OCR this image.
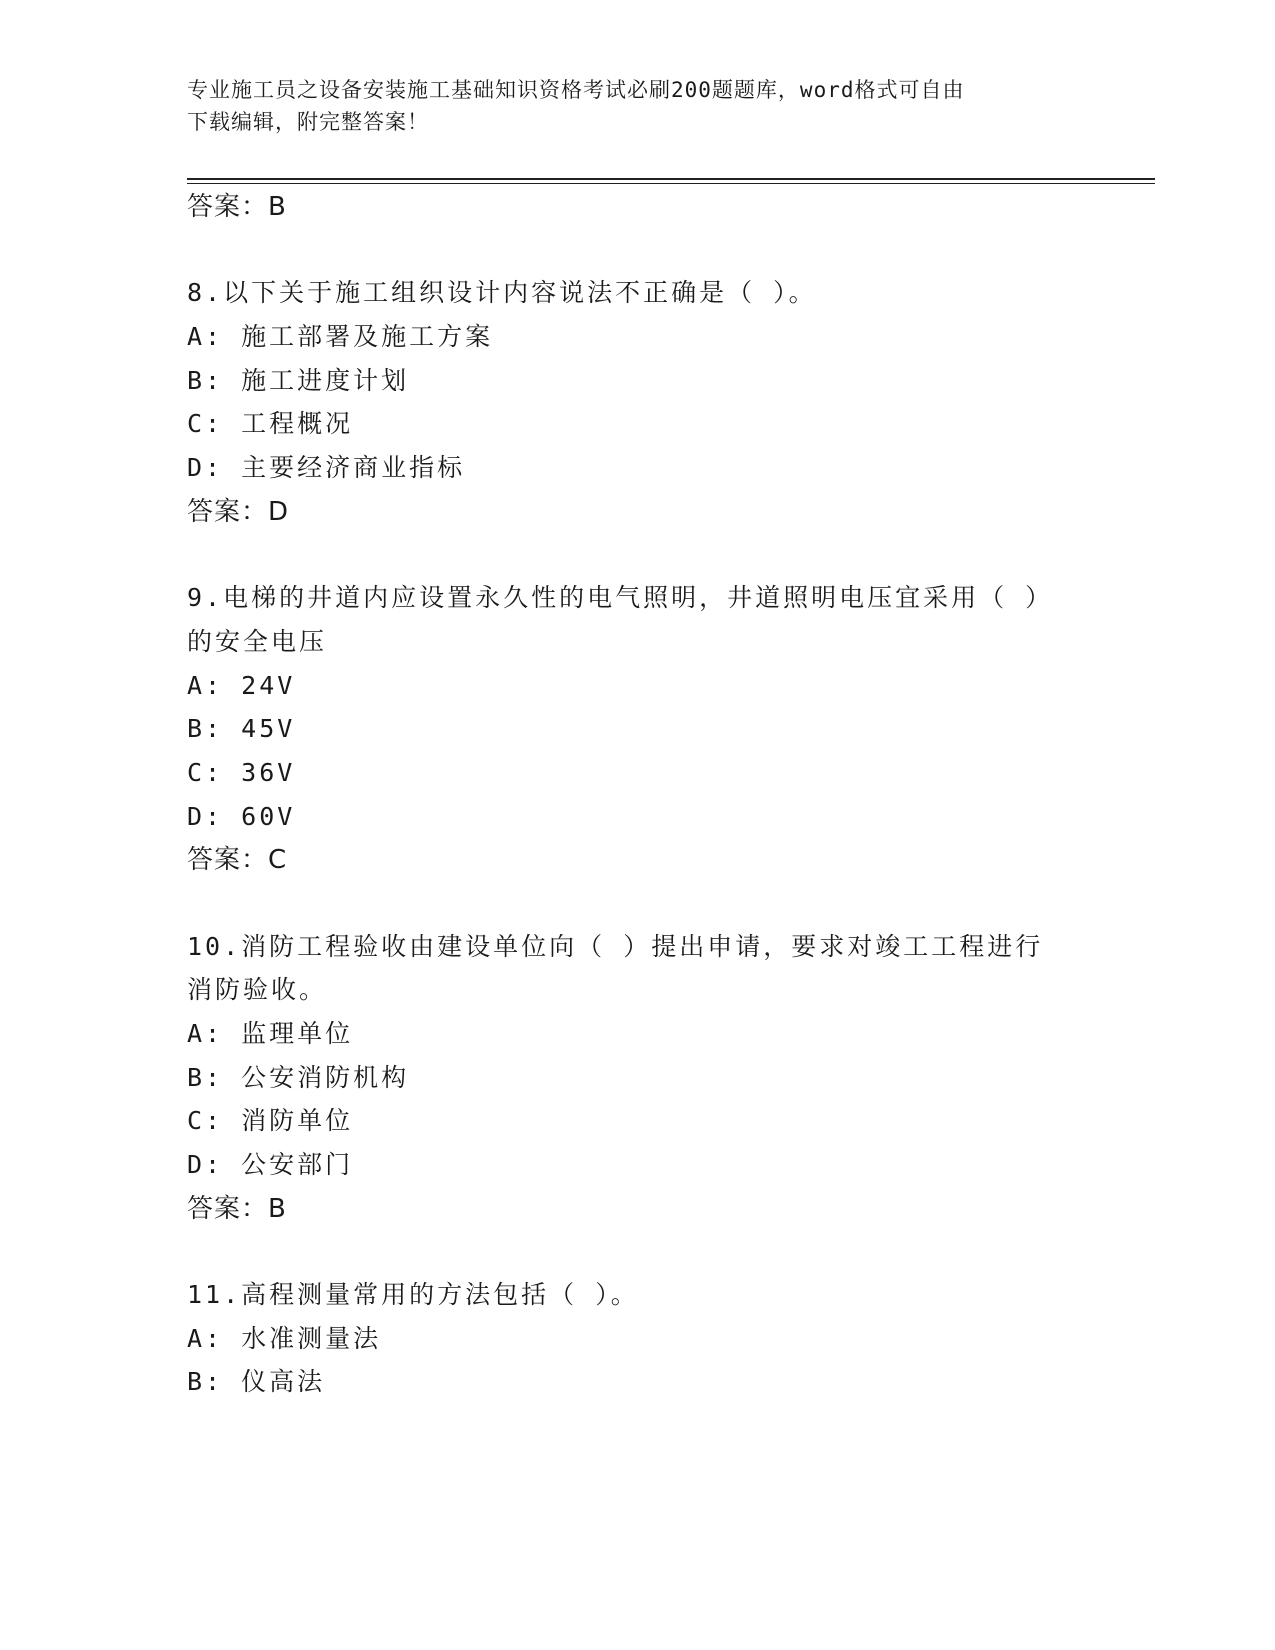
专业施工员之设备安装施工基础知识资格考试必刷200题题库，word格式可自由
下载编辑，附完整答案！
答案：B
8.以下关于施工组织设计内容说法不正确是（ ）。
A: 施工部署及施工方案
B: 施工进度计划
C: 工程概况
D: 主要经济商业指标
答案：D
9.电梯的井道内应设置永久性的电气照明，井道照明电压宜采用（ ）
的安全电压
A: 24V
B: 45V
C: 36V
D: 60V
答案：C
10.消防工程验收由建设单位向（ ）提出申请，要求对竣工工程进行
消防验收。
A: 监理单位
B: 公安消防机构
C: 消防单位
D: 公安部门
答案：B
11.高程测量常用的方法包括（ ）。
A: 水准测量法
B: 仪高法
